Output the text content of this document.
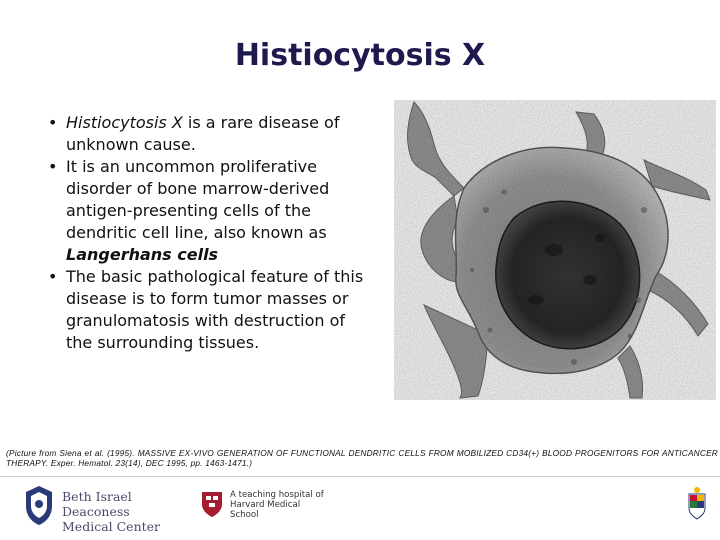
Histiocytosis X
• Histiocytosis X is a rare disease of unknown cause.
• It is an uncommon proliferative disorder of bone marrow-derived antigen-presenting cells of the dendritic cell line, also known as Langerhans cells
• The basic pathological feature of this disease is to form tumor masses or granulomatosis with destruction of the surrounding tissues.
(Picture from Siena et al. (1995). MASSIVE EX-VIVO GENERATION OF FUNCTIONAL DENDRITIC CELLS FROM MOBILIZED CD34(+) BLOOD PROGENITORS FOR ANTICANCER THERAPY. Exper. Hematol. 23(14), DEC 1995, pp. 1463-1471.)
Beth Israel Deaconess
Medical Center
A teaching hospital of
Harvard Medical School
